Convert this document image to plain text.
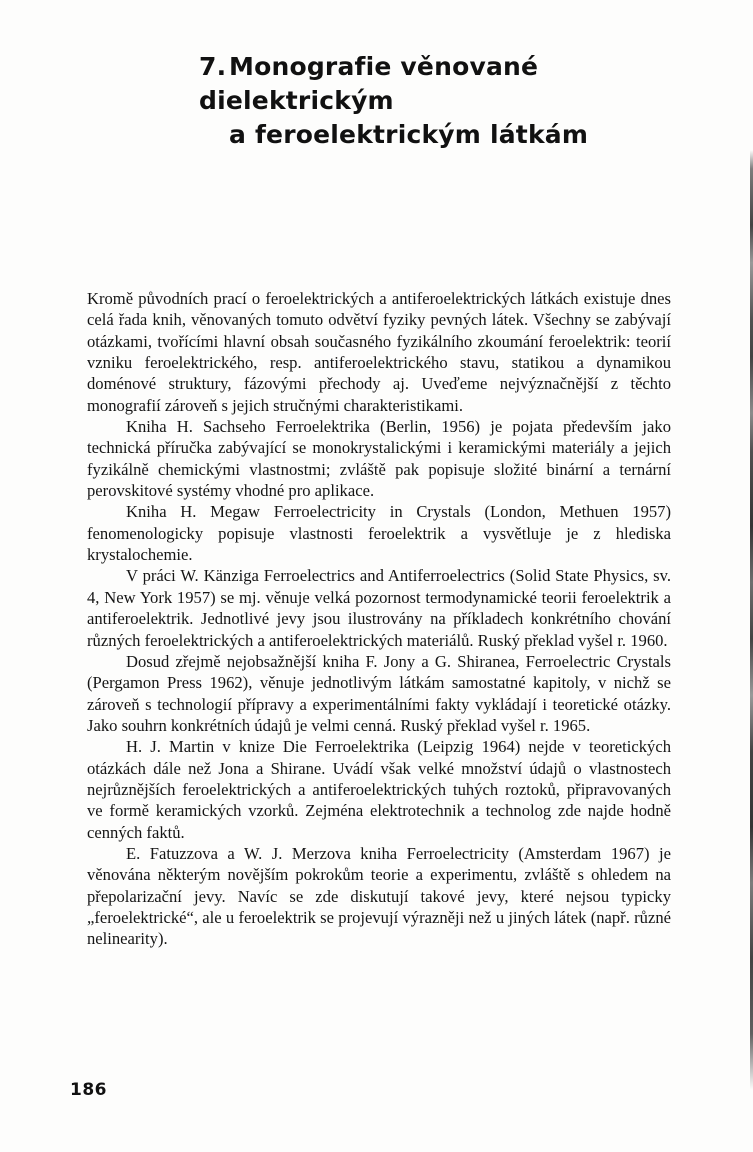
7. Monografie věnované dielektrickým
a feroelektrickým látkám

Kromě původních prací o feroelektrických a antiferoelektrických látkách existuje dnes celá řada knih, věnovaných tomuto odvětví fyziky pevných látek. Všechny se zabývají otázkami, tvořícími hlavní obsah současného fyzikálního zkoumání feroelektrik: teorií vzniku feroelektrického, resp. antiferoelektrického stavu, statikou a dynamikou doménové struktury, fázovými přechody aj. Uveďeme nejvýznačnější z těchto monografií zároveň s jejich stručnými charakteristikami.

Kniha H. Sachseho Ferroelektrika (Berlin, 1956) je pojata především jako technická příručka zabývající se monokrystalickými i keramickými materiály a jejich fyzikálně chemickými vlastnostmi; zvláště pak popisuje složité binární a ternární perovskitové systémy vhodné pro aplikace.

Kniha H. Megaw Ferroelectricity in Crystals (London, Methuen 1957) fenomenologicky popisuje vlastnosti feroelektrik a vysvětluje je z hlediska krystalochemie.

V práci W. Känziga Ferroelectrics and Antiferroelectrics (Solid State Physics, sv. 4, New York 1957) se mj. věnuje velká pozornost termodynamické teorii feroelektrik a antiferoelektrik. Jednotlivé jevy jsou ilustrovány na příkladech konkrétního chování různých feroelektrických a antiferoelektrických materiálů. Ruský překlad vyšel r. 1960.

Dosud zřejmě nejobsažnější kniha F. Jony a G. Shiranea, Ferroelectric Crystals (Pergamon Press 1962), věnuje jednotlivým látkám samostatné kapitoly, v nichž se zároveň s technologií přípravy a experimentálními fakty vykládají i teoretické otázky. Jako souhrn konkrétních údajů je velmi cenná. Ruský překlad vyšel r. 1965.

H. J. Martin v knize Die Ferroelektrika (Leipzig 1964) nejde v teoretických otázkách dále než Jona a Shirane. Uvádí však velké množství údajů o vlastnostech nejrůznějších feroelektrických a antiferoelektrických tuhých roztoků, připravovaných ve formě keramických vzorků. Zejména elektrotechnik a technolog zde najde hodně cenných faktů.

E. Fatuzzova a W. J. Merzova kniha Ferroelectricity (Amsterdam 1967) je věnována některým novějším pokrokům teorie a experimentu, zvláště s ohledem na přepolarizační jevy. Navíc se zde diskutují takové jevy, které nejsou typicky „feroelektrické“, ale u feroelektrik se projevují výrazněji než u jiných látek (např. různé nelinearity).

186
